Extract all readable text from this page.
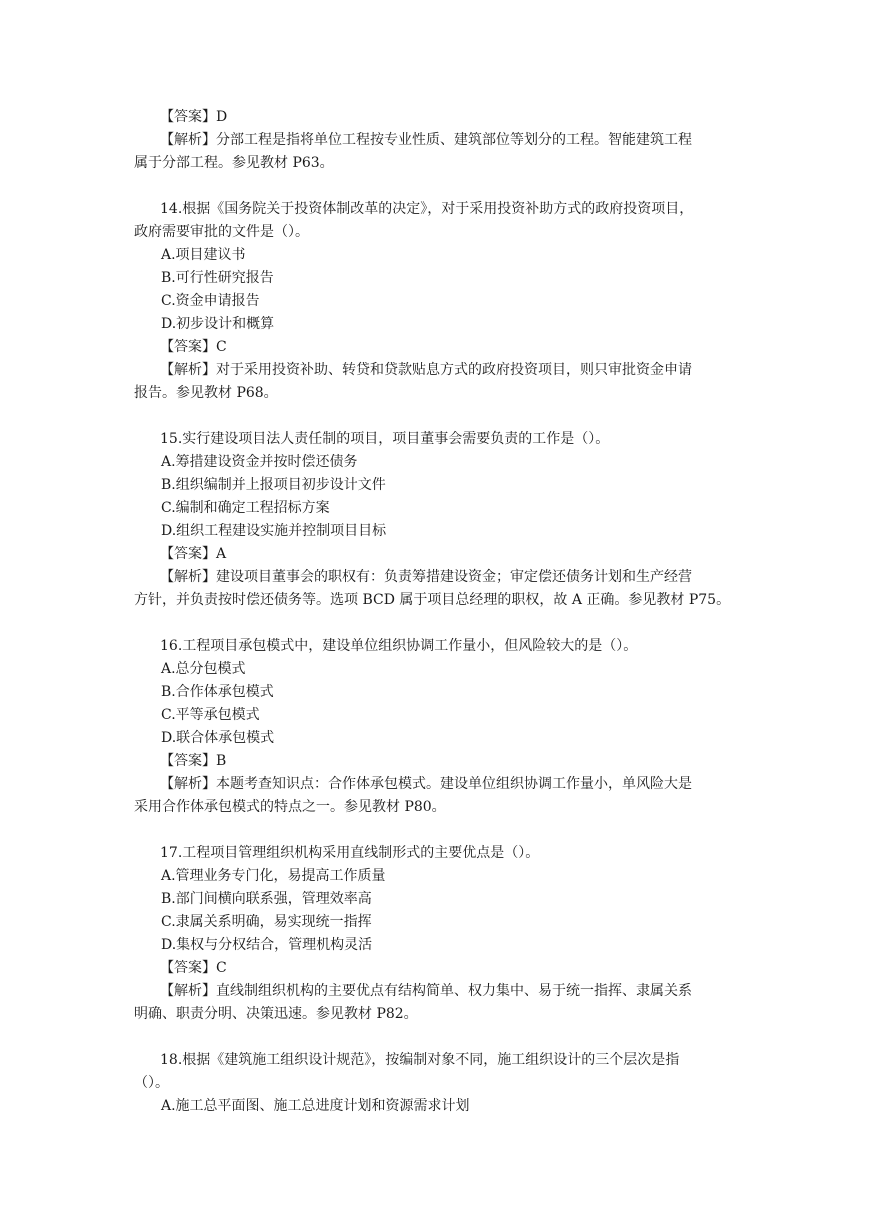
【答案】D
【解析】分部工程是指将单位工程按专业性质、建筑部位等划分的工程。智能建筑工程
属于分部工程。参见教材 P63。
14.根据《国务院关于投资体制改革的决定》，对于采用投资补助方式的政府投资项目，
政府需要审批的文件是（）。
A.项目建议书
B.可行性研究报告
C.资金申请报告
D.初步设计和概算
【答案】C
【解析】对于采用投资补助、转贷和贷款贴息方式的政府投资项目，则只审批资金申请
报告。参见教材 P68。
15.实行建设项目法人责任制的项目，项目董事会需要负责的工作是（）。
A.筹措建设资金并按时偿还债务
B.组织编制并上报项目初步设计文件
C.编制和确定工程招标方案
D.组织工程建设实施并控制项目目标
【答案】A
【解析】建设项目董事会的职权有：负责筹措建设资金；审定偿还债务计划和生产经营
方针，并负责按时偿还债务等。选项 BCD 属于项目总经理的职权，故 A 正确。参见教材 P75。
16.工程项目承包模式中，建设单位组织协调工作量小，但风险较大的是（）。
A.总分包模式
B.合作体承包模式
C.平等承包模式
D.联合体承包模式
【答案】B
【解析】本题考查知识点：合作体承包模式。建设单位组织协调工作量小，单风险大是
采用合作体承包模式的特点之一。参见教材 P80。
17.工程项目管理组织机构采用直线制形式的主要优点是（）。
A.管理业务专门化，易提高工作质量
B.部门间横向联系强，管理效率高
C.隶属关系明确，易实现统一指挥
D.集权与分权结合，管理机构灵活
【答案】C
【解析】直线制组织机构的主要优点有结构简单、权力集中、易于统一指挥、隶属关系
明确、职责分明、决策迅速。参见教材 P82。
18.根据《建筑施工组织设计规范》，按编制对象不同，施工组织设计的三个层次是指
（）。
A.施工总平面图、施工总进度计划和资源需求计划
